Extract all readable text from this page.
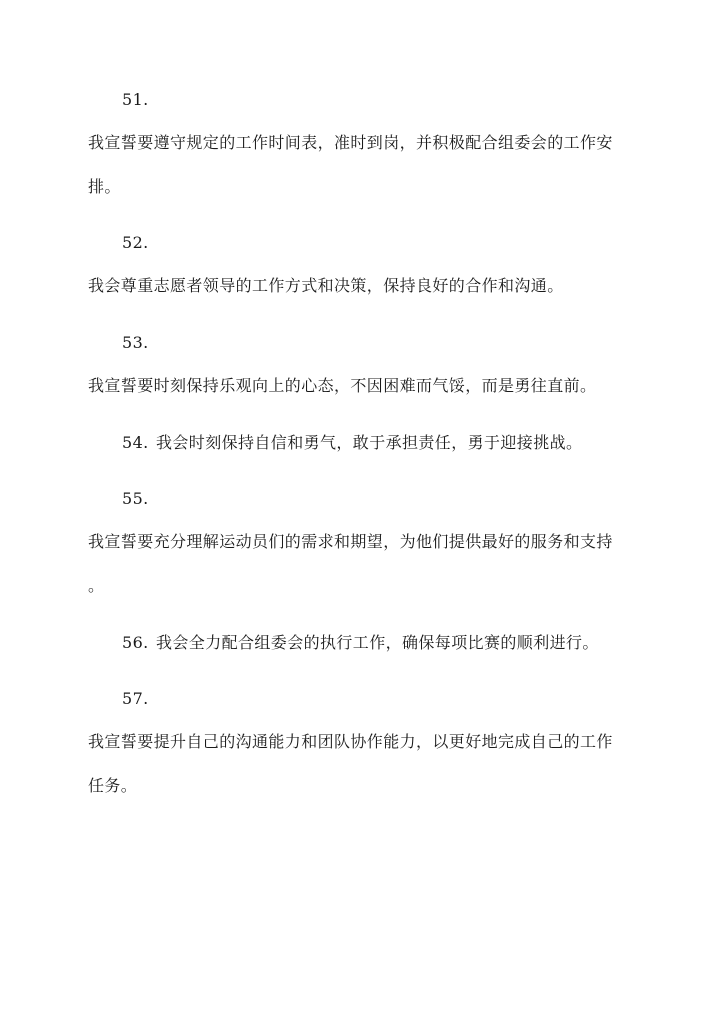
51.
我宣誓要遵守规定的工作时间表，准时到岗，并积极配合组委会的工作安
排。
52.
我会尊重志愿者领导的工作方式和决策，保持良好的合作和沟通。
53.
我宣誓要时刻保持乐观向上的心态，不因困难而气馁，而是勇往直前。
54. 我会时刻保持自信和勇气，敢于承担责任，勇于迎接挑战。
55.
我宣誓要充分理解运动员们的需求和期望，为他们提供最好的服务和支持
。
56. 我会全力配合组委会的执行工作，确保每项比赛的顺利进行。
57.
我宣誓要提升自己的沟通能力和团队协作能力，以更好地完成自己的工作
任务。
